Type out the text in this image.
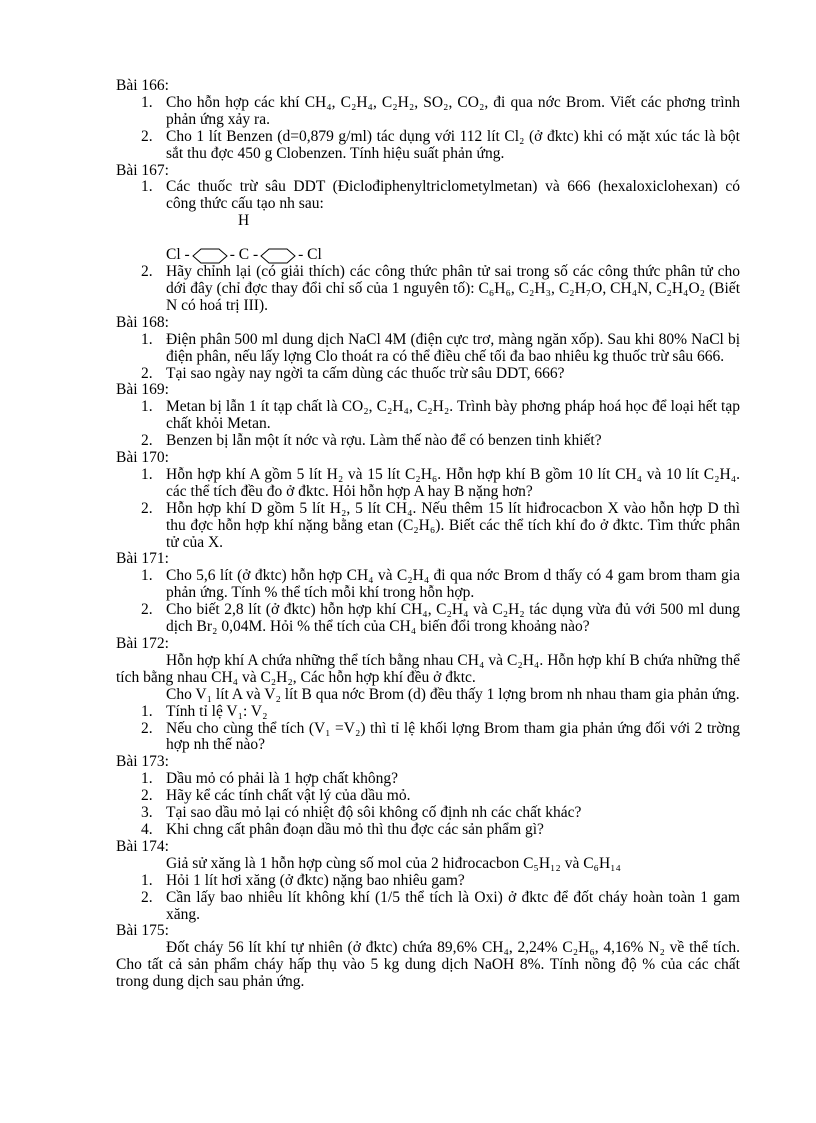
Bài 166:
1. Cho hỗn hợp các khí CH₄, C₂H₄, C₂H₂, SO₂, CO₂, đi qua nớc Brom. Viết các phơng trình phản ứng xảy ra.
2. Cho 1 lít Benzen (d=0,879 g/ml) tác dụng với 112 lít Cl₂ (ở đktc) khi có mặt xúc tác là bột sắt thu đợc 450 g Clobenzen. Tính hiệu suất phản ứng.
Bài 167:
1. Các thuốc trừ sâu DDT (Điclođiphenyltriclometylmetan) và 666 (hexaloxiclohexan) có công thức cấu tạo nh sau:
H
Cl -	- C -	- Cl
2. Hãy chỉnh lại (có giải thích) các công thức phân tử sai trong số các công thức phân tử cho dới đây (chỉ đợc thay đổi chỉ số của 1 nguyên tố): C₆H₆, C₂H₃, C₂H₇O, CH₄N, C₂H₄O₂ (Biết N có hoá trị III).
Bài 168:
1. Điện phân 500 ml dung dịch NaCl 4M (điện cực trơ, màng ngăn xốp). Sau khi 80% NaCl bị điện phân, nếu lấy lợng Clo thoát ra có thể điều chế tối đa bao nhiêu kg thuốc trừ sâu 666.
2. Tại sao ngày nay ngời ta cấm dùng các thuốc trừ sâu DDT, 666?
Bài 169:
1. Metan bị lẫn 1 ít tạp chất là CO₂, C₂H₄, C₂H₂. Trình bày phơng pháp hoá học để loại hết tạp chất khỏi Metan.
2. Benzen bị lẫn một ít nớc và rợu. Làm thế nào để có benzen tinh khiết?
Bài 170:
1. Hỗn hợp khí A gồm 5 lít H₂ và 15 lít C₂H₆. Hỗn hợp khí B gồm 10 lít CH₄ và 10 lít C₂H₄. các thể tích đều đo ở đktc. Hỏi hỗn hợp A hay B nặng hơn?
2. Hỗn hợp khí D gồm 5 lít H₂, 5 lít CH₄. Nếu thêm 15 lít hiđrocacbon X vào hỗn hợp D thì thu đợc hỗn hợp khí nặng bằng etan (C₂H₆). Biết các thể tích khí đo ở đktc. Tìm thức phân tử của X.
Bài 171:
1. Cho 5,6 lít (ở đktc) hỗn hợp CH₄ và C₂H₄ đi qua nớc Brom d thấy có 4 gam brom tham gia phản ứng. Tính % thể tích mỗi khí trong hỗn hợp.
2. Cho biết 2,8 lít (ở đktc) hỗn hợp khí CH₄, C₂H₄ và C₂H₂ tác dụng vừa đủ với 500 ml dung dịch Br₂ 0,04M. Hỏi % thể tích của CH₄ biến đổi trong khoảng nào?
Bài 172:
Hỗn hợp khí A chứa những thể tích bằng nhau CH₄ và C₂H₄. Hỗn hợp khí B chứa những thể tích bằng nhau CH₄ và C₂H₂, Các hỗn hợp khí đều ở đktc.
Cho V₁ lít A và V₂ lít B qua nớc Brom (d) đều thấy 1 lợng brom nh nhau tham gia phản ứng.
1. Tính tỉ lệ V₁: V₂
2. Nếu cho cùng thể tích (V₁ =V₂) thì tỉ lệ khối lợng Brom tham gia phản ứng đối với 2 trờng hợp nh thế nào?
Bài 173:
1. Dầu mỏ có phải là 1 hợp chất không?
2. Hãy kể các tính chất vật lý của dầu mỏ.
3. Tại sao dầu mỏ lại có nhiệt độ sôi không cố định nh các chất khác?
4. Khi chng cất phân đoạn dầu mỏ thì thu đợc các sản phẩm gì?
Bài 174:
Giả sử xăng là 1 hỗn hợp cùng số mol của 2 hiđrocacbon C₅H₁₂ và C₆H₁₄
1. Hỏi 1 lít hơi xăng (ở đktc) nặng bao nhiêu gam?
2. Cần lấy bao nhiêu lít không khí (1/5 thể tích là Oxi) ở đktc để đốt cháy hoàn toàn 1 gam xăng.
Bài 175:
Đốt cháy 56 lít khí tự nhiên (ở đktc) chứa 89,6% CH₄, 2,24% C₂H₆, 4,16% N₂ về thể tích. Cho tất cả sản phẩm cháy hấp thụ vào 5 kg dung dịch NaOH 8%. Tính nồng độ % của các chất trong dung dịch sau phản ứng.
